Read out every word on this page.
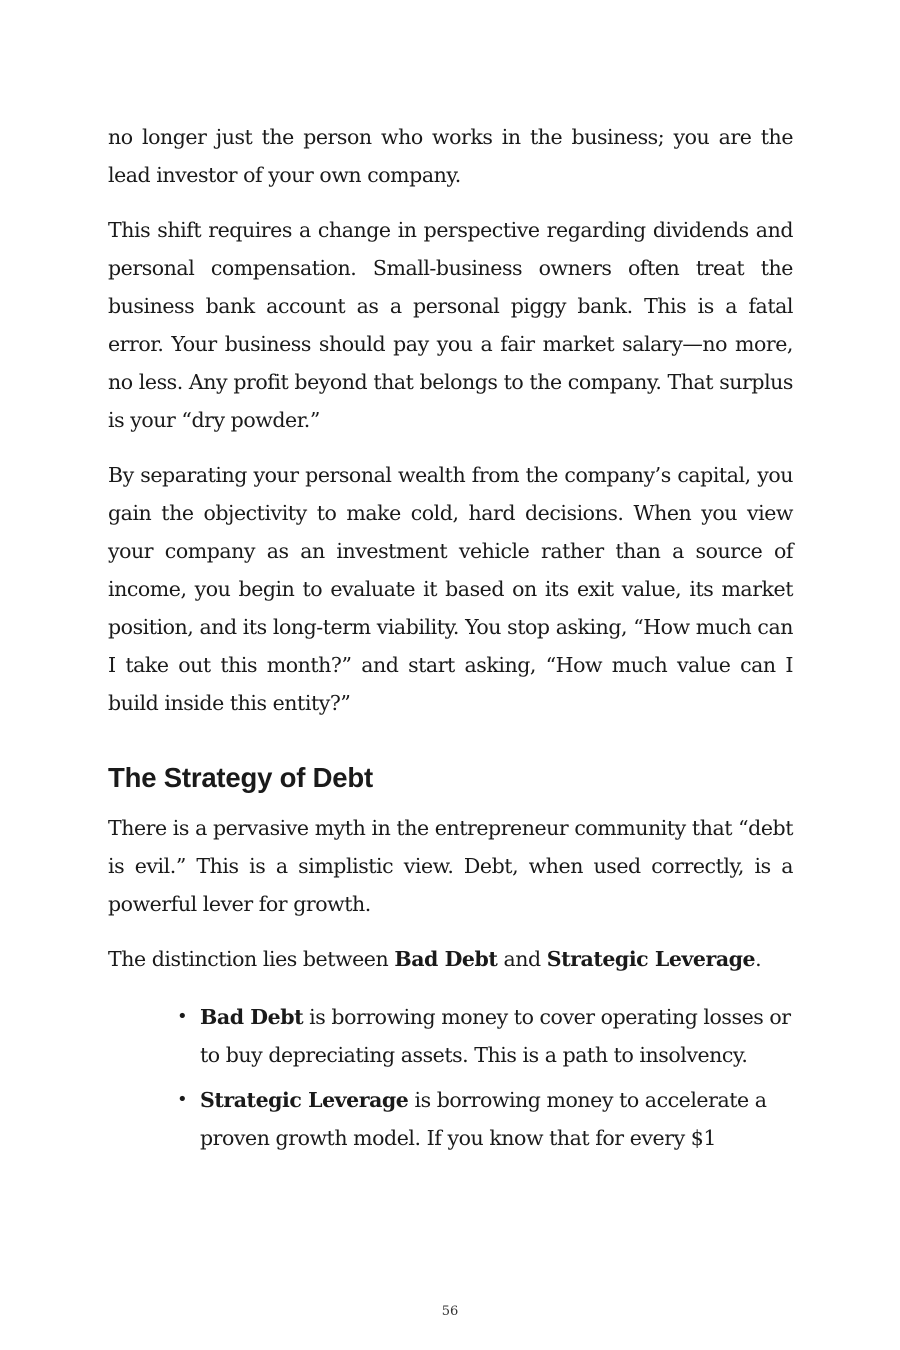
no longer just the person who works in the business; you are the lead investor of your own company.

This shift requires a change in perspective regarding dividends and personal compensation. Small-business owners often treat the business bank account as a personal piggy bank. This is a fatal error. Your business should pay you a fair market salary—no more, no less. Any profit beyond that belongs to the company. That surplus is your “dry powder.”

By separating your personal wealth from the company’s capital, you gain the objectivity to make cold, hard decisions. When you view your company as an investment vehicle rather than a source of income, you begin to evaluate it based on its exit value, its market position, and its long-term viability. You stop asking, “How much can I take out this month?” and start asking, “How much value can I build inside this entity?”

The Strategy of Debt

There is a pervasive myth in the entrepreneur community that “debt is evil.” This is a simplistic view. Debt, when used correctly, is a powerful lever for growth.

The distinction lies between Bad Debt and Strategic Leverage.

• Bad Debt is borrowing money to cover operating losses or to buy depreciating assets. This is a path to insolvency.
• Strategic Leverage is borrowing money to accelerate a proven growth model. If you know that for every $1
56
